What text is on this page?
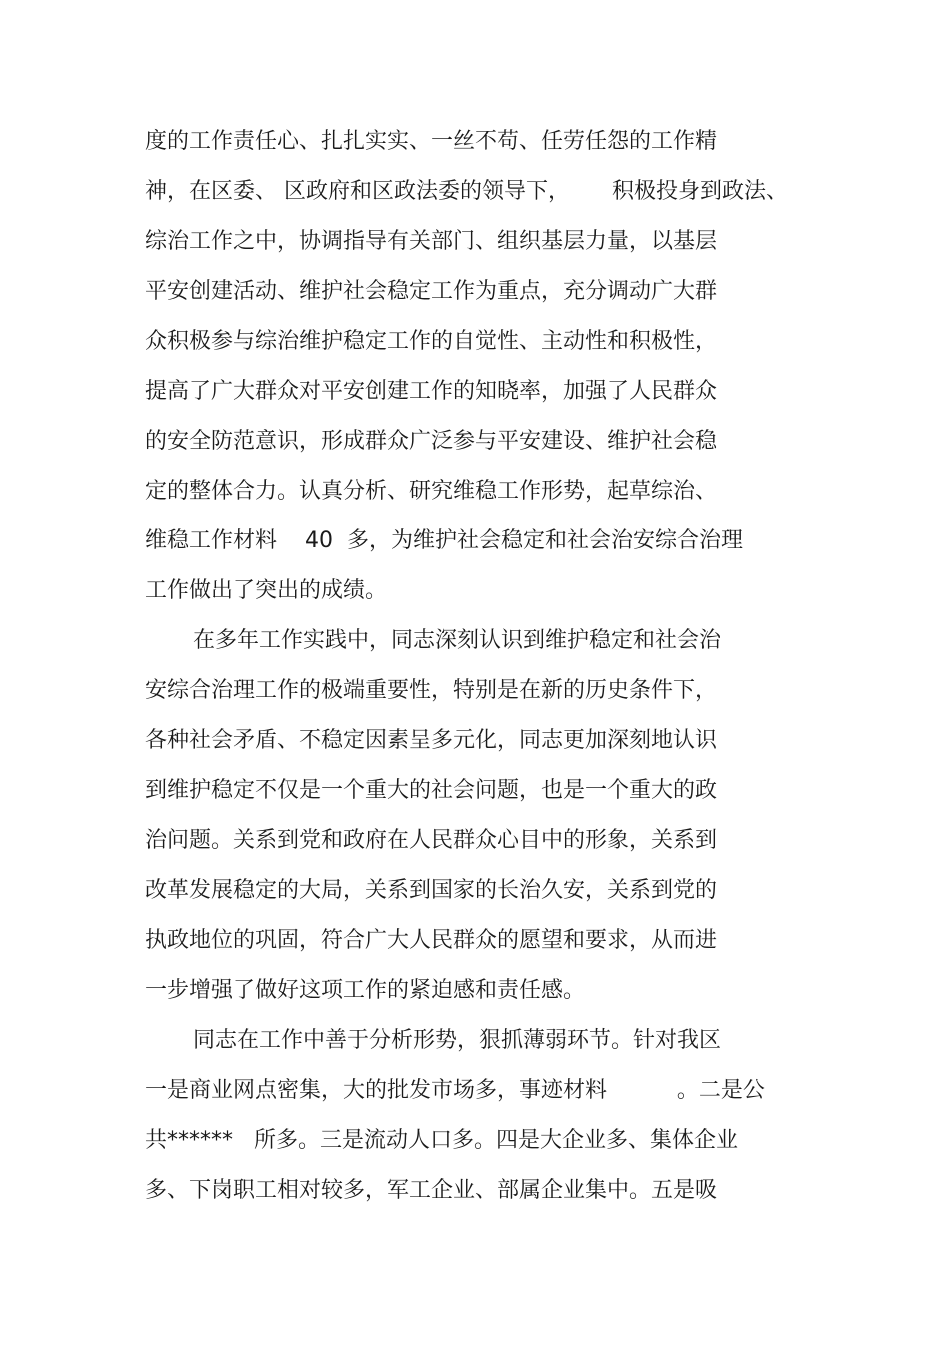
度的工作责任心、扎扎实实、一丝不苟、任劳任怨的工作精
神，在区委、 区政府和区政法委的领导下，      积极投身到政法、
综治工作之中，协调指导有关部门、组织基层力量，以基层
平安创建活动、维护社会稳定工作为重点，充分调动广大群
众积极参与综治维护稳定工作的自觉性、主动性和积极性，
提高了广大群众对平安创建工作的知晓率，加强了人民群众
的安全防范意识，形成群众广泛参与平安建设、维护社会稳
定的整体合力。认真分析、研究维稳工作形势，起草综治、
维稳工作材料    40  多，为维护社会稳定和社会治安综合治理
工作做出了突出的成绩。
在多年工作实践中，同志深刻认识到维护稳定和社会治
安综合治理工作的极端重要性，特别是在新的历史条件下，
各种社会矛盾、不稳定因素呈多元化，同志更加深刻地认识
到维护稳定不仅是一个重大的社会问题，也是一个重大的政
治问题。关系到党和政府在人民群众心目中的形象，关系到
改革发展稳定的大局，关系到国家的长治久安，关系到党的
执政地位的巩固，符合广大人民群众的愿望和要求，从而进
一步增强了做好这项工作的紧迫感和责任感。
同志在工作中善于分析形势，狠抓薄弱环节。针对我区
一是商业网点密集，大的批发市场多，事迹材料          。二是公
共******   所多。三是流动人口多。四是大企业多、集体企业
多、下岗职工相对较多，军工企业、部属企业集中。五是吸
